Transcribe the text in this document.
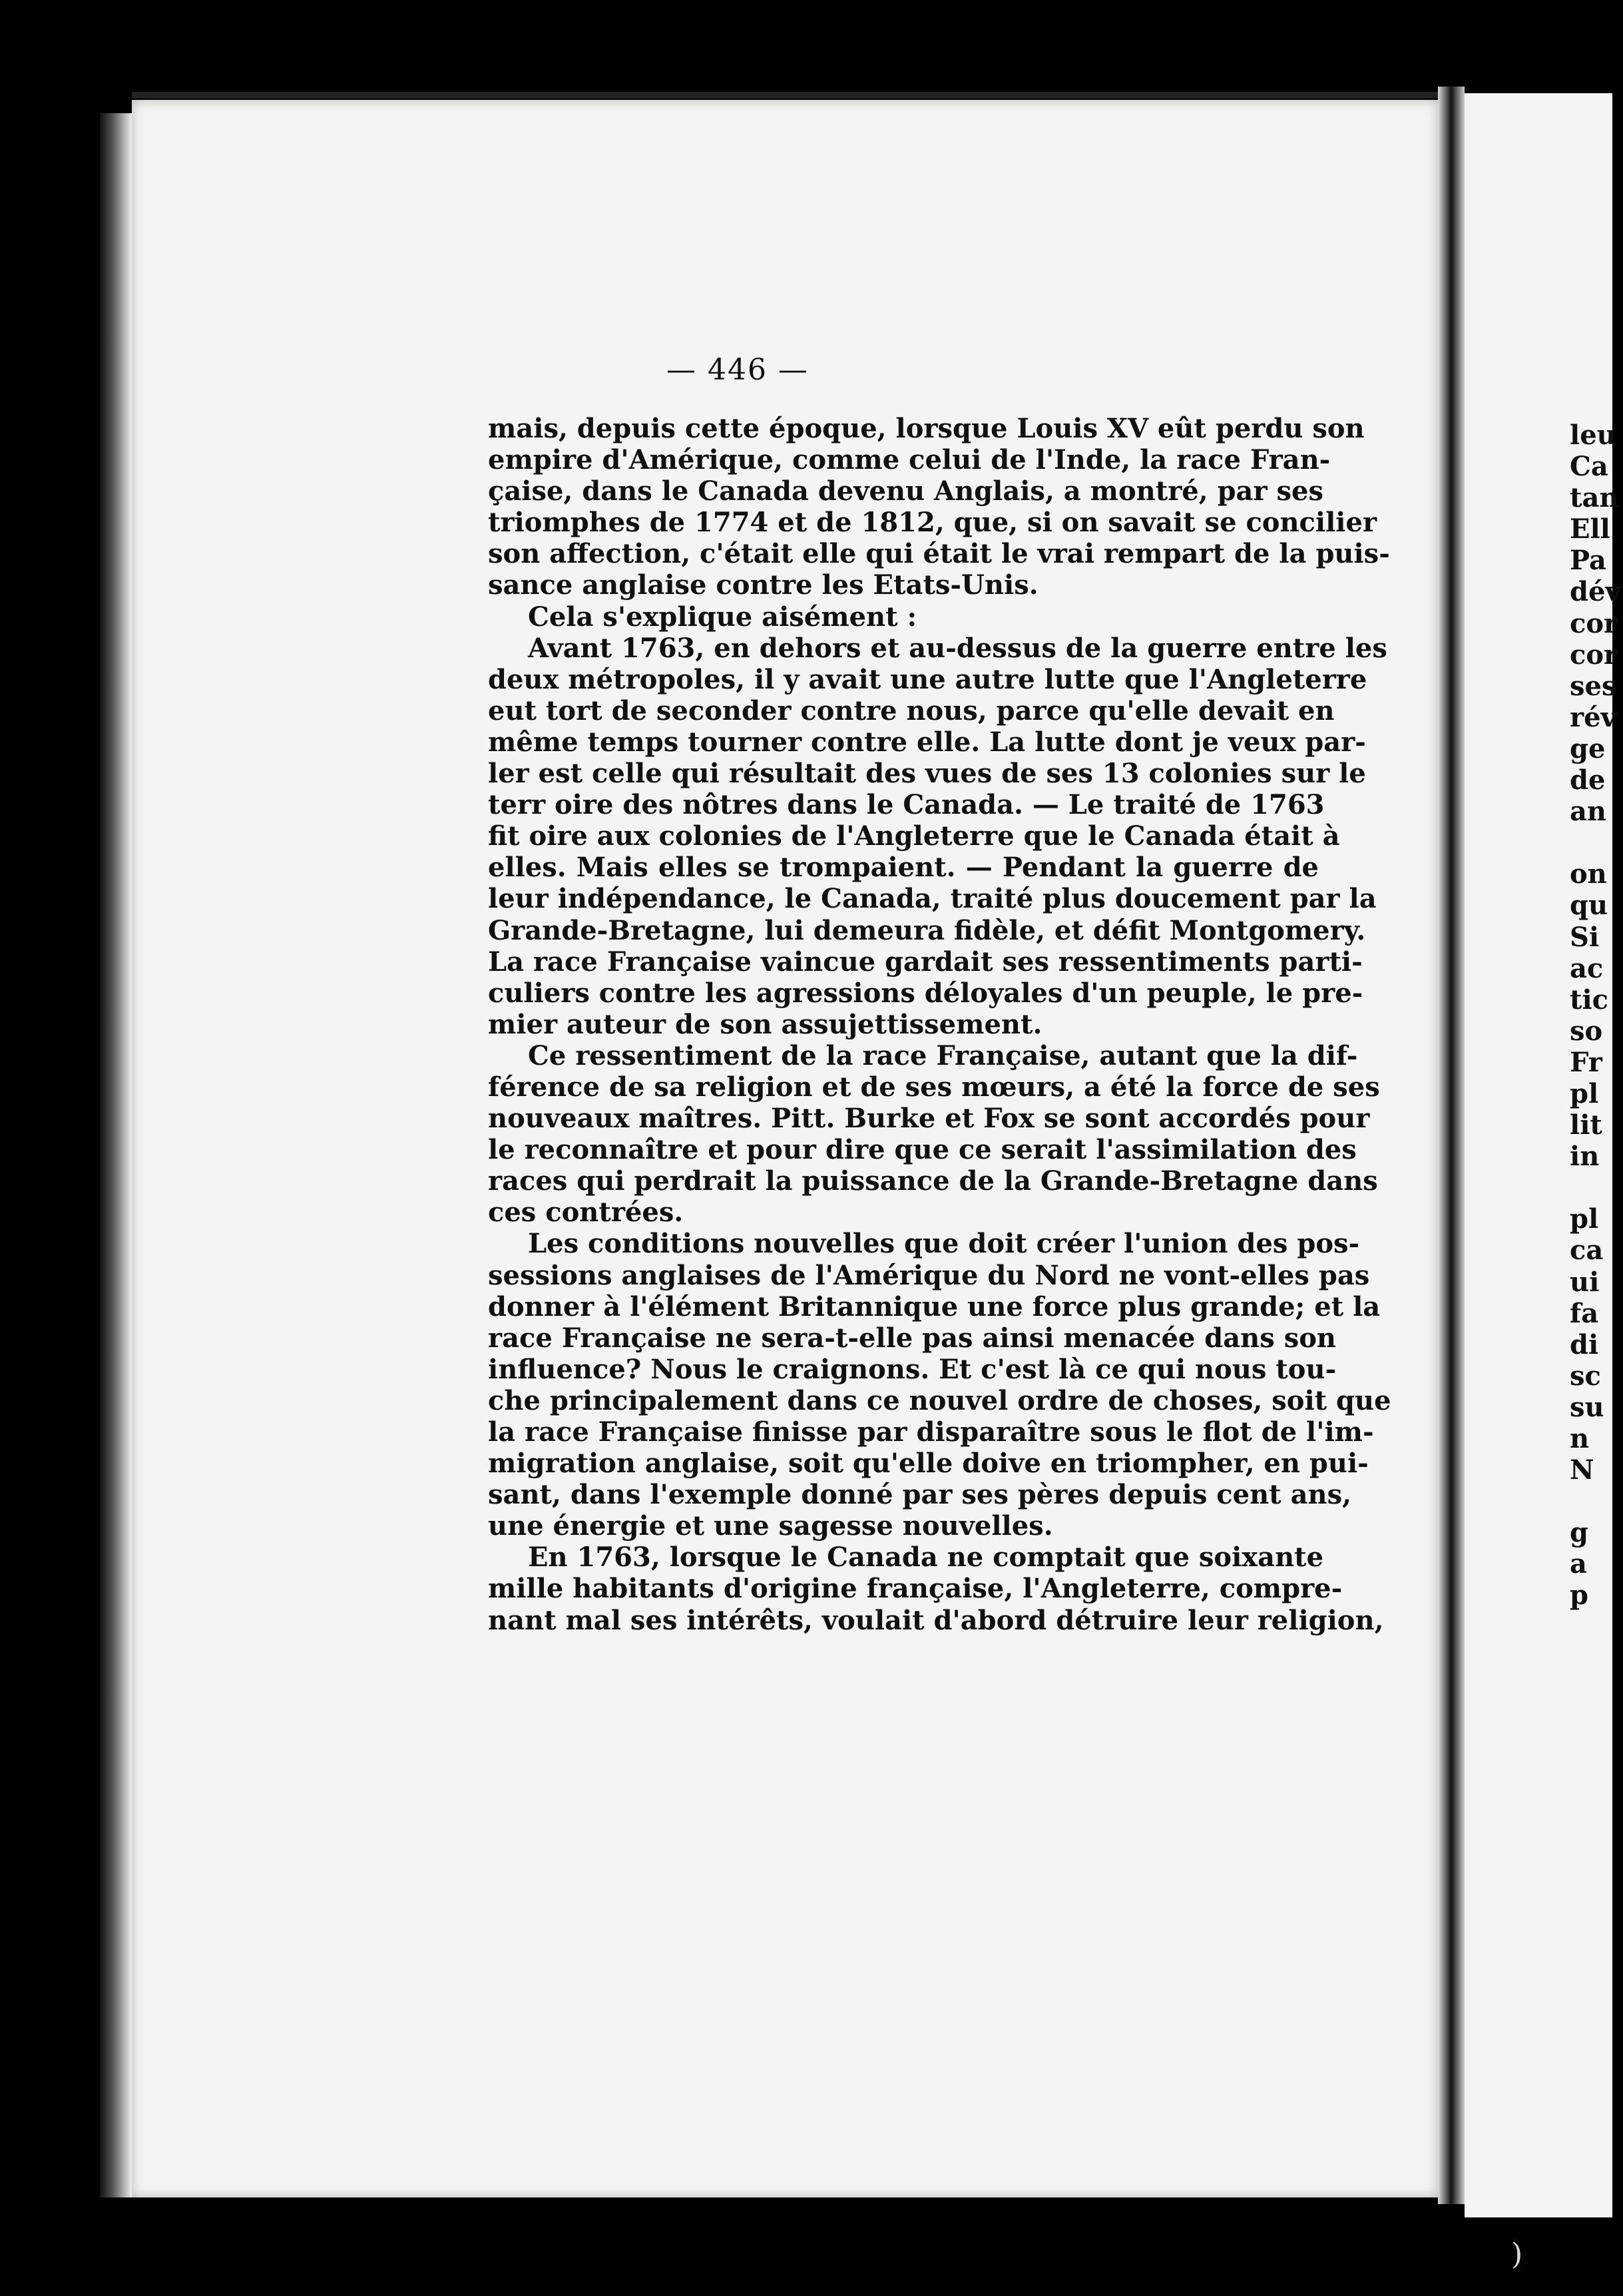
— 446 —
mais, depuis cette époque, lorsque Louis XV eût perdu son
empire d'Amérique, comme celui de l'Inde, la race Fran-
çaise, dans le Canada devenu Anglais, a montré, par ses
triomphes de 1774 et de 1812, que, si on savait se concilier
son affection, c'était elle qui était le vrai rempart de la puis-
sance anglaise contre les Etats-Unis.
Cela s'explique aisément :
Avant 1763, en dehors et au-dessus de la guerre entre les
deux métropoles, il y avait une autre lutte que l'Angleterre
eut tort de seconder contre nous, parce qu'elle devait en
même temps tourner contre elle. La lutte dont je veux par-
ler est celle qui résultait des vues de ses 13 colonies sur le
terr oire des nôtres dans le Canada. — Le traité de 1763
fit oire aux colonies de l'Angleterre que le Canada était à
elles. Mais elles se trompaient. — Pendant la guerre de
leur indépendance, le Canada, traité plus doucement par la
Grande-Bretagne, lui demeura fidèle, et défit Montgomery.
La race Française vaincue gardait ses ressentiments parti-
culiers contre les agressions déloyales d'un peuple, le pre-
mier auteur de son assujettissement.
Ce ressentiment de la race Française, autant que la dif-
férence de sa religion et de ses mœurs, a été la force de ses
nouveaux maîtres. Pitt. Burke et Fox se sont accordés pour
le reconnaître et pour dire que ce serait l'assimilation des
races qui perdrait la puissance de la Grande-Bretagne dans
ces contrées.
Les conditions nouvelles que doit créer l'union des pos-
sessions anglaises de l'Amérique du Nord ne vont-elles pas
donner à l'élément Britannique une force plus grande; et la
race Française ne sera-t-elle pas ainsi menacée dans son
influence? Nous le craignons. Et c'est là ce qui nous tou-
che principalement dans ce nouvel ordre de choses, soit que
la race Française finisse par disparaître sous le flot de l'im-
migration anglaise, soit qu'elle doive en triompher, en pui-
sant, dans l'exemple donné par ses pères depuis cent ans,
une énergie et une sagesse nouvelles.
En 1763, lorsque le Canada ne comptait que soixante
mille habitants d'origine française, l'Angleterre, compre-
nant mal ses intérêts, voulait d'abord détruire leur religion,
leu
Ca
tan
Ell
Pa
dév
cor
cor
ses
rév
ge
de
an
on
qu
Si
ac
tic
so
Fr
pl
lit
in
pl
ca
ui
fa
di
sc
su
n
N
g
a
p
)
